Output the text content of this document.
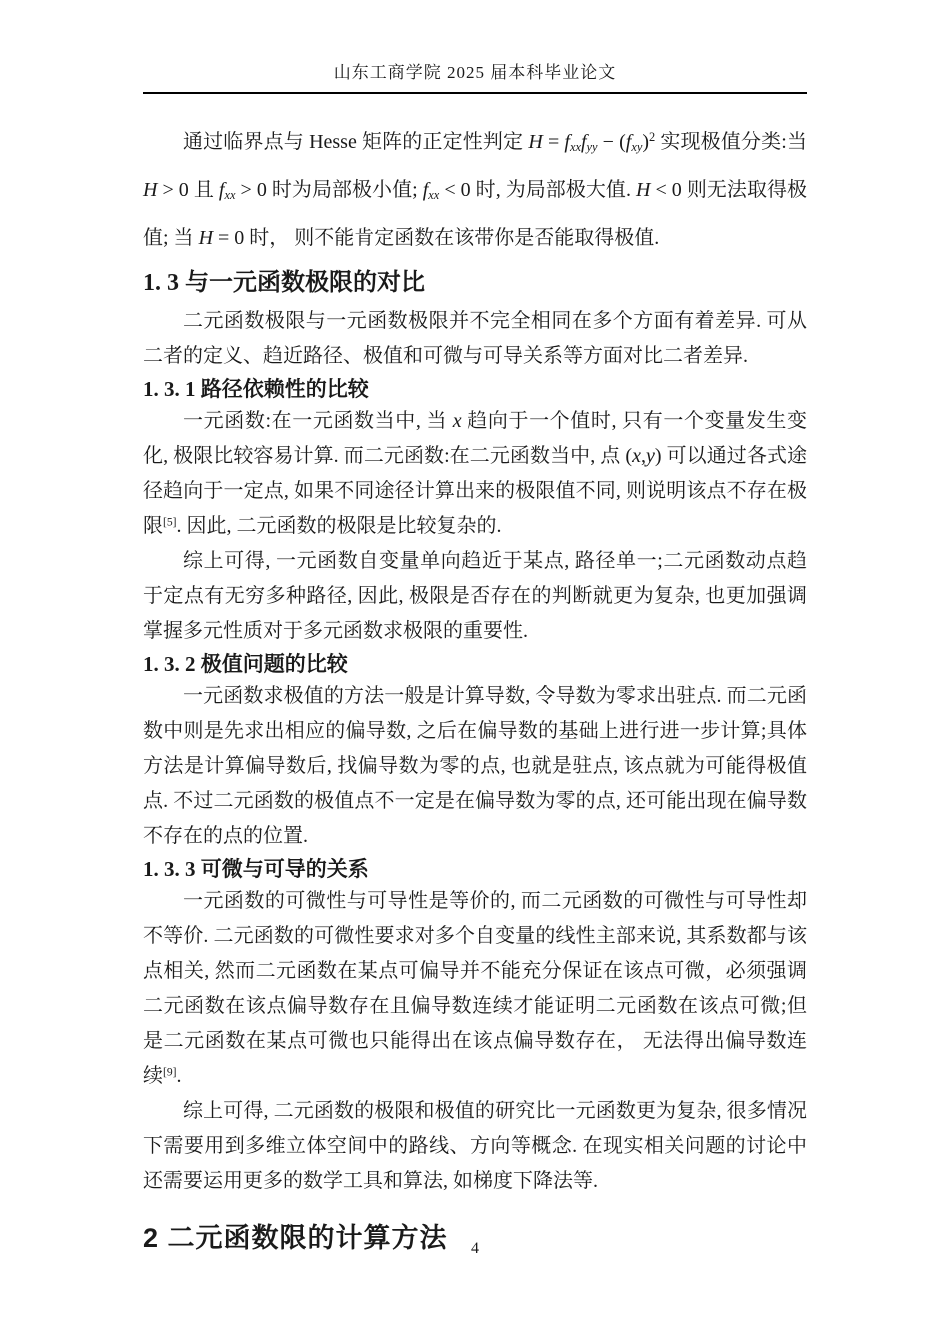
山东工商学院 2025 届本科毕业论文

通过临界点与 Hesse 矩阵的正定性判定 $H = f_{xx}f_{yy} - (f_{xy})^2$ 实现极值分类:当 H > 0 且 $f_{xx} > 0$ 时为局部极小值; $f_{xx} < 0$ 时, 为局部极大值. H < 0 则无法取得极值; 当 H = 0 时， 则不能肯定函数在该带你是否能取得极值.

1. 3 与一元函数极限的对比

二元函数极限与一元函数极限并不完全相同在多个方面有着差异. 可从二者的定义、趋近路径、极值和可微与可导关系等方面对比二者差异.

1. 3. 1 路径依赖性的比较

一元函数:在一元函数当中, 当 x 趋向于一个值时, 只有一个变量发生变化, 极限比较容易计算. 而二元函数:在二元函数当中, 点 (x,y) 可以通过各式途径趋向于一定点, 如果不同途径计算出来的极限值不同, 则说明该点不存在极限[5]. 因此, 二元函数的极限是比较复杂的.

综上可得, 一元函数自变量单向趋近于某点, 路径单一;二元函数动点趋于定点有无穷多种路径, 因此, 极限是否存在的判断就更为复杂, 也更加强调掌握多元性质对于多元函数求极限的重要性.

1. 3. 2 极值问题的比较

一元函数求极值的方法一般是计算导数, 令导数为零求出驻点. 而二元函数中则是先求出相应的偏导数, 之后在偏导数的基础上进行进一步计算;具体方法是计算偏导数后, 找偏导数为零的点, 也就是驻点, 该点就为可能得极值点. 不过二元函数的极值点不一定是在偏导数为零的点, 还可能出现在偏导数不存在的点的位置.

1. 3. 3 可微与可导的关系

一元函数的可微性与可导性是等价的, 而二元函数的可微性与可导性却不等价. 二元函数的可微性要求对多个自变量的线性主部来说, 其系数都与该点相关, 然而二元函数在某点可偏导并不能充分保证在该点可微，必须强调二元函数在该点偏导数存在且偏导数连续才能证明二元函数在该点可微;但是二元函数在某点可微也只能得出在该点偏导数存在， 无法得出偏导数连续[9].

综上可得, 二元函数的极限和极值的研究比一元函数更为复杂, 很多情况下需要用到多维立体空间中的路线、方向等概念. 在现实相关问题的讨论中还需要运用更多的数学工具和算法, 如梯度下降法等.

2 二元函数限的计算方法	4
